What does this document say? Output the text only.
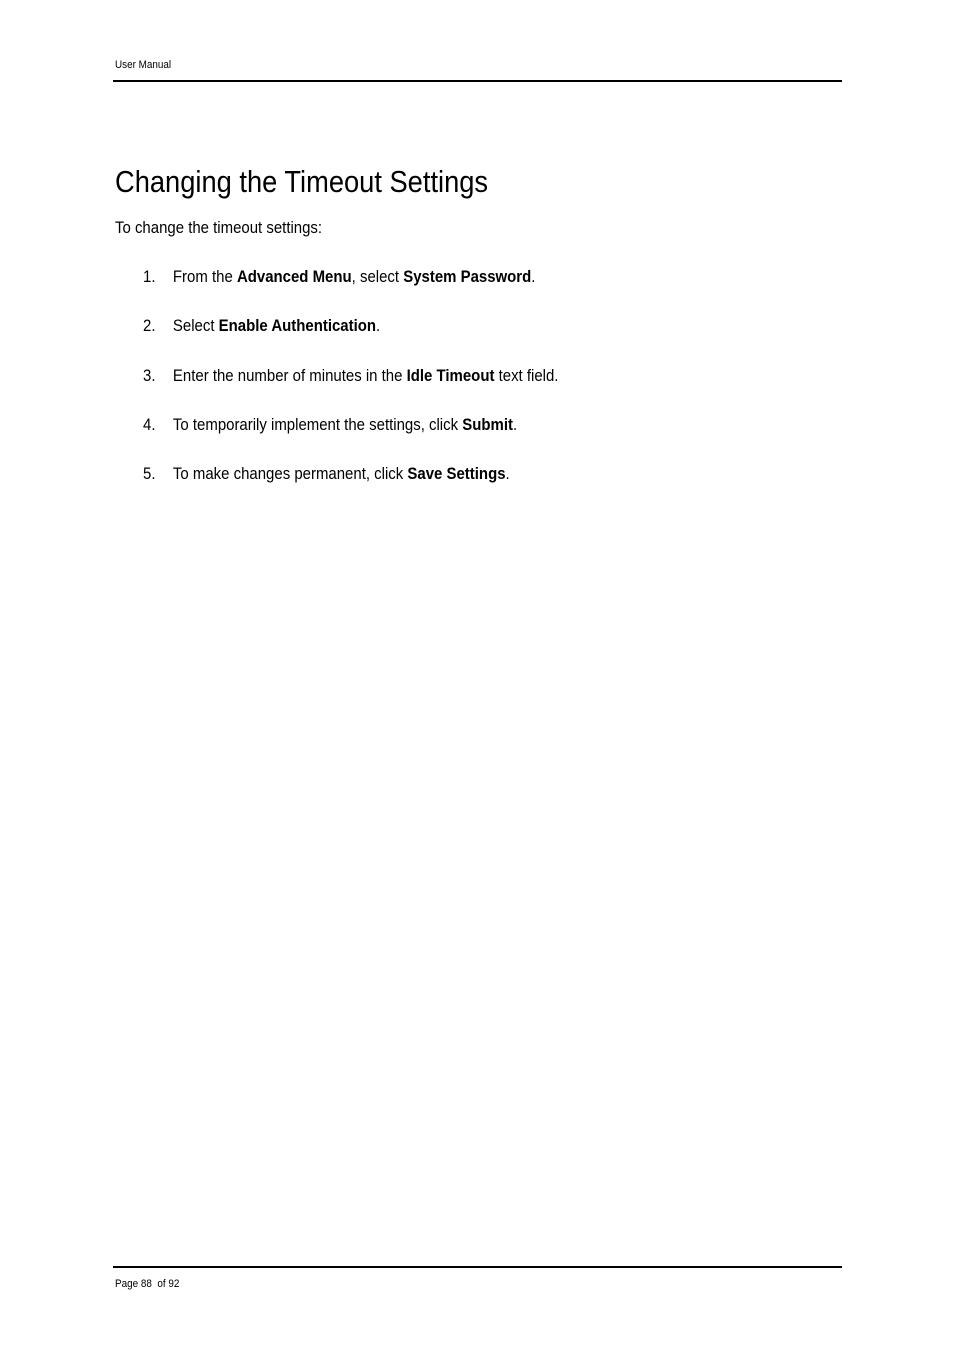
User Manual
Changing the Timeout Settings

To change the timeout settings:

1. From the Advanced Menu, select System Password.
2. Select Enable Authentication.
3. Enter the number of minutes in the Idle Timeout text field.
4. To temporarily implement the settings, click Submit.
5. To make changes permanent, click Save Settings.
Page 88  of 92
